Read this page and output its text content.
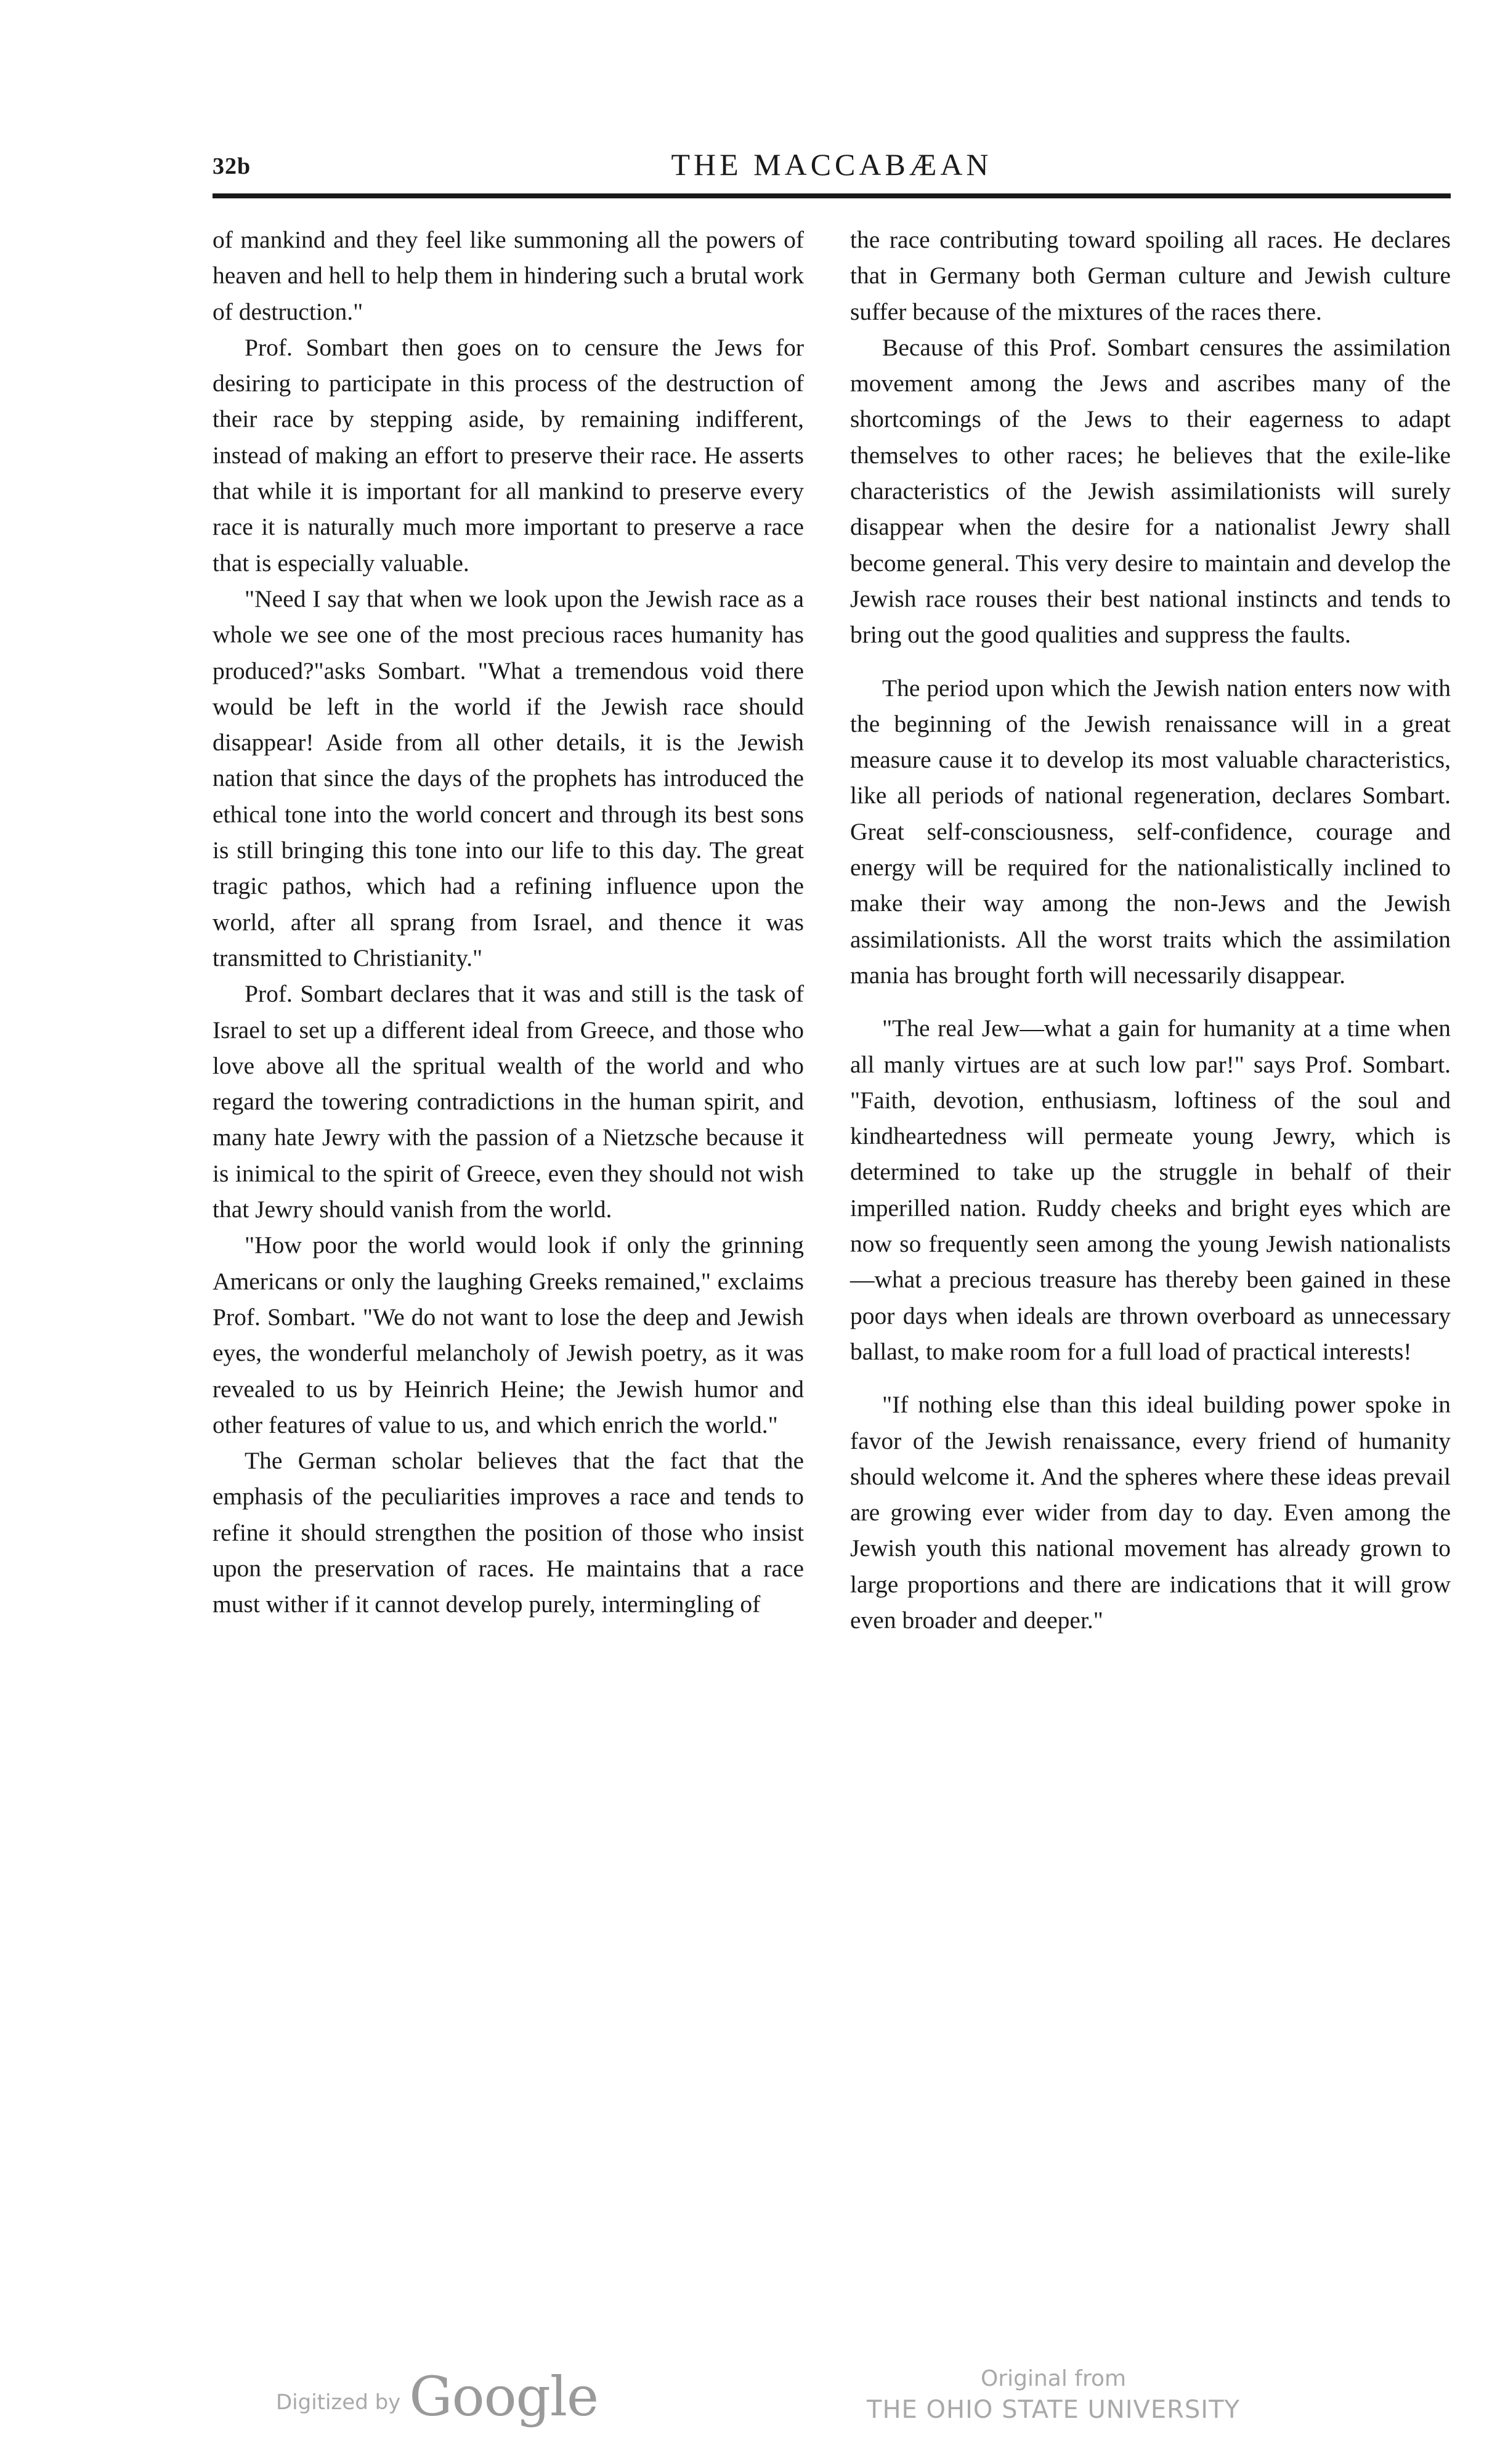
32b	THE MACCABÆAN

of mankind and they feel like summoning all the powers of heaven and hell to help them in hindering such a brutal work of destruction."

Prof. Sombart then goes on to censure the Jews for desiring to participate in this process of the destruction of their race by stepping aside, by remaining indifferent, instead of making an effort to preserve their race. He asserts that while it is important for all mankind to preserve every race it is naturally much more important to preserve a race that is especially valuable.

"Need I say that when we look upon the Jewish race as a whole we see one of the most precious races humanity has produced?"asks Sombart. "What a tremendous void there would be left in the world if the Jewish race should disappear! Aside from all other details, it is the Jewish nation that since the days of the prophets has introduced the ethical tone into the world concert and through its best sons is still bringing this tone into our life to this day. The great tragic pathos, which had a refining influence upon the world, after all sprang from Israel, and thence it was transmitted to Christianity."

Prof. Sombart declares that it was and still is the task of Israel to set up a different ideal from Greece, and those who love above all the spritual wealth of the world and who regard the towering contradictions in the human spirit, and many hate Jewry with the passion of a Nietzsche because it is inimical to the spirit of Greece, even they should not wish that Jewry should vanish from the world.

"How poor the world would look if only the grinning Americans or only the laughing Greeks remained," exclaims Prof. Sombart. "We do not want to lose the deep and Jewish eyes, the wonderful melancholy of Jewish poetry, as it was revealed to us by Heinrich Heine; the Jewish humor and other features of value to us, and which enrich the world."

The German scholar believes that the fact that the emphasis of the peculiarities improves a race and tends to refine it should strengthen the position of those who insist upon the preservation of races. He maintains that a race must wither if it cannot develop purely, intermingling of

the race contributing toward spoiling all races. He declares that in Germany both German culture and Jewish culture suffer because of the mixtures of the races there.

Because of this Prof. Sombart censures the assimilation movement among the Jews and ascribes many of the shortcomings of the Jews to their eagerness to adapt themselves to other races; he believes that the exile-like characteristics of the Jewish assimilationists will surely disappear when the desire for a nationalist Jewry shall become general. This very desire to maintain and develop the Jewish race rouses their best national instincts and tends to bring out the good qualities and suppress the faults.

The period upon which the Jewish nation enters now with the beginning of the Jewish renaissance will in a great measure cause it to develop its most valuable characteristics, like all periods of national regeneration, declares Sombart. Great self-consciousness, self-confidence, courage and energy will be required for the nationalistically inclined to make their way among the non-Jews and the Jewish assimilationists. All the worst traits which the assimilation mania has brought forth will necessarily disappear.

"The real Jew—what a gain for humanity at a time when all manly virtues are at such low par!" says Prof. Sombart. "Faith, devotion, enthusiasm, loftiness of the soul and kindheartedness will permeate young Jewry, which is determined to take up the struggle in behalf of their imperilled nation. Ruddy cheeks and bright eyes which are now so frequently seen among the young Jewish nationalists—what a precious treasure has thereby been gained in these poor days when ideals are thrown overboard as unnecessary ballast, to make room for a full load of practical interests!

"If nothing else than this ideal building power spoke in favor of the Jewish renaissance, every friend of humanity should welcome it. And the spheres where these ideas prevail are growing ever wider from day to day. Even among the Jewish youth this national movement has already grown to large proportions and there are indications that it will grow even broader and deeper."

Digitized by Google	Original from
THE OHIO STATE UNIVERSITY
